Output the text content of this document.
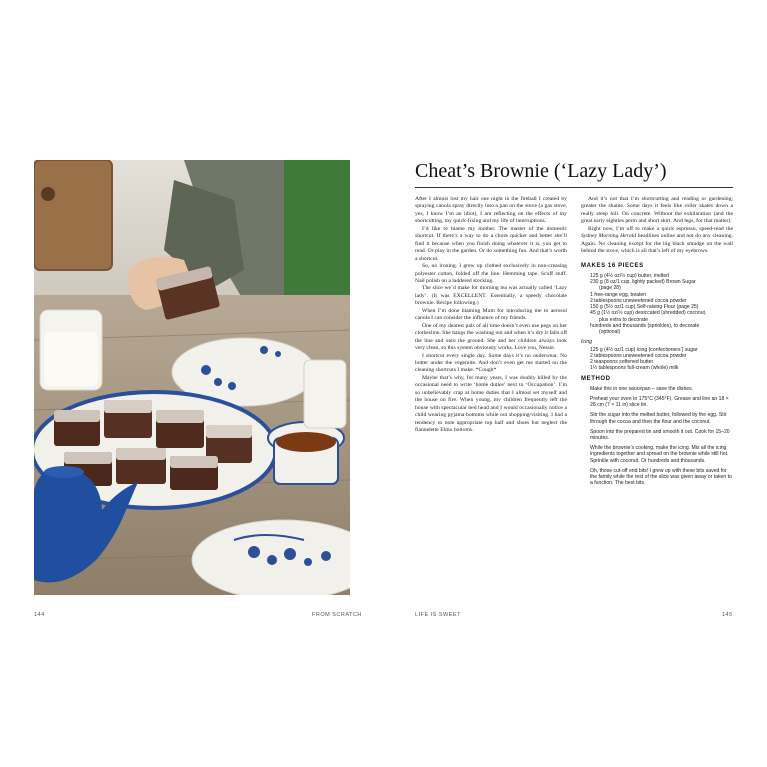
144	FROM SCRATCH
Cheat’s Brownie (‘Lazy Lady’)

After I almost lost my hair one night in the fireball I created by spraying canola spray directly into a pan on the stove (a gas stove, yes, I know I’m an idiot), I am reflecting on the effects of my shortcutting, my quick-fixing and my life of interruptions.

I’d like to blame my mother. The master of the domestic shortcut. If there’s a way to do a chore quicker and better she’ll find it because when you finish doing whatever it is, you get to read. Or play in the garden. Or do something fun. And that’s worth a shortcut.

So, no ironing. I grew up clothed exclusively in non-creasing polyester cotton, folded off the line. Hemming tape. Scuff stuff. Nail polish on a laddered stocking.

The slice we’d make for morning tea was actually called ‘Lazy lady’. (It was EXCELLENT. Essentially, a speedy chocolate brownie. Recipe following.)

When I’m done blaming Mum for introducing me to aerosol canola I can consider the influence of my friends.

One of my dearest pals of all time doesn’t even use pegs on her clothesline. She hangs the washing out and when it’s dry it falls off the line and onto the ground. She and her children always look very clean, so this system obviously works. Love you, Nessie.

I shortcut every single day. Some days it’s no underwear. No butter under the vegemite. And don’t even get me started on the cleaning shortcuts I make. *Cough*

Maybe that’s why, for many years, I was doubly killed by the occasional need to write ‘home duties’ next to ‘Occupation’. I’m so unbelievably crap at home duties that I almost set myself and the house on fire. When young, my children frequently left the house with spectacular bed head and I would occasionally notice a child wearing pyjama bottoms while out shopping/visiting. I had a tendency to note appropriate top half and shoes but neglect the flannelette Elmo bottoms.

And it’s not that I’m shortcutting and reading or gardening; greater the shame. Some days it feels like roller skates down a really steep hill. On concrete. Without the exhilaration (and the great early eighties perm and short skirt. And legs, for that matter).

Right now, I’m off to make a quick espresso, speed-read the Sydney Morning Herald headlines online and not do any cleaning. Again. No cleaning except for the big black smudge on the wall behind the stove, which is all that’s left of my eyebrows.

MAKES 16 PIECES
125 g (4½ oz/½ cup) butter, melted
230 g (8 oz/1 cup, lightly packed) Brown Sugar
(page 28)
1 free-range egg, beaten
2 tablespoons unsweetened cocoa powder
150 g (5½ oz/1 cup) Self-raising Flour (page 25)
45 g (1½ oz/½ cup) desiccated (shredded) coconut,
plus extra to decorate
hundreds and thousands (sprinkles), to decorate
(optional)
Icing
125 g (4½ oz/1 cup) icing (confectioners’) sugar
2 tablespoons unsweetened cocoa powder
2 teaspoons softened butter
1½ tablespoons full-cream (whole) milk
METHOD
Make this in one saucepan – save the dishes.
Preheat your oven to 175°C (345°F). Grease and line an 18 × 28 cm (7 × 11 in) slice tin.
Stir the sugar into the melted butter, followed by the egg. Stir through the cocoa and then the flour and the coconut.
Spoon into the prepared tin and smooth it out. Cook for 15–20 minutes.
While the brownie’s cooking, make the icing. Mix all the icing ingredients together and spread on the brownie while still hot. Sprinkle with coconut. Or hundreds and thousands.
Oh, those cut-off end bits! I grew up with these bits saved for the family while the rest of the slice was given away or taken to a function. The best bits.
LIFE IS SWEET	145
